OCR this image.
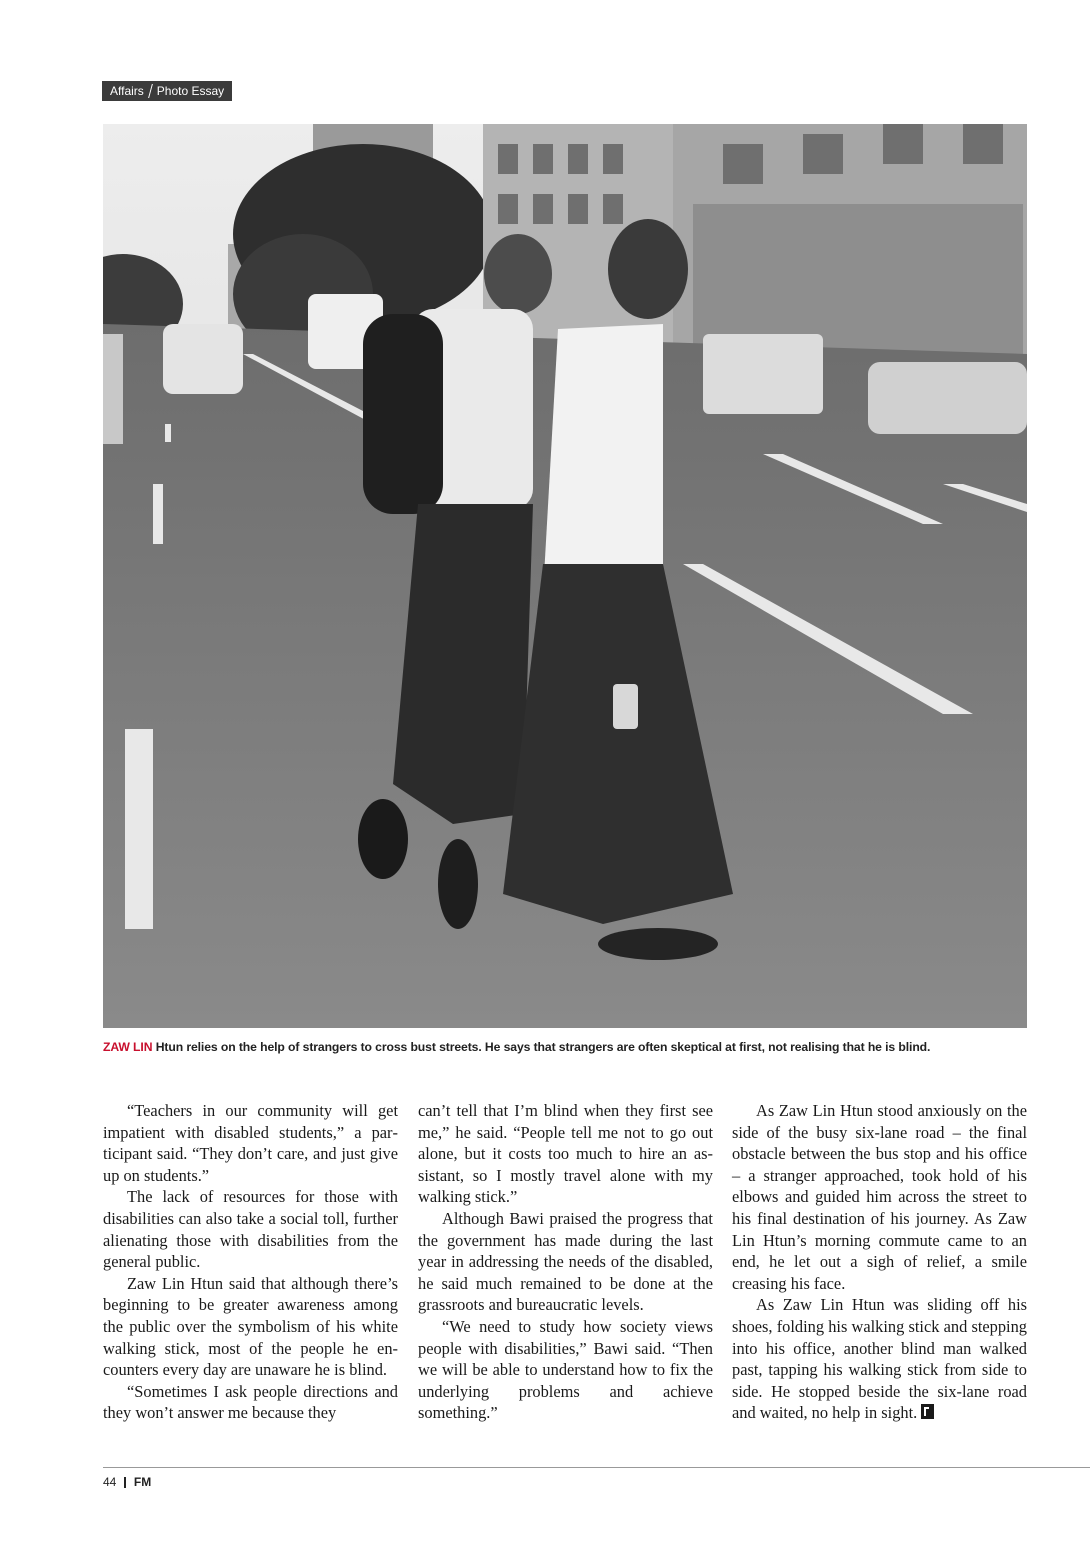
Affairs Photo Essay
ZAW LIN Htun relies on the help of strangers to cross bust streets. He says that strangers are often skeptical at first, not realising that he is blind.

“Teachers in our community will get impatient with disabled students,” a participant said. “They don’t care, and just give up on students.”

The lack of resources for those with disabilities can also take a social toll, further alienating those with disabilities from the general public.

Zaw Lin Htun said that although there’s beginning to be greater awareness among the public over the symbolism of his white walking stick, most of the people he encounters every day are unaware he is blind.

“Sometimes I ask people directions and they won’t answer me because they

can’t tell that I’m blind when they first see me,” he said. “People tell me not to go out alone, but it costs too much to hire an assistant, so I mostly travel alone with my walking stick.”

Although Bawi praised the progress that the government has made during the last year in addressing the needs of the disabled, he said much remained to be done at the grassroots and bureaucratic levels.

“We need to study how society views people with disabilities,” Bawi said. “Then we will be able to understand how to fix the underlying problems and achieve something.”

As Zaw Lin Htun stood anxiously on the side of the busy six-lane road – the final obstacle between the bus stop and his office – a stranger approached, took hold of his elbows and guided him across the street to his final destination of his journey. As Zaw Lin Htun’s morning commute came to an end, he let out a sigh of relief, a smile creasing his face.

As Zaw Lin Htun was sliding off his shoes, folding his walking stick and stepping into his office, another blind man walked past, tapping his walking stick from side to side. He stopped beside the six-lane road and waited, no help in sight.

44 FM
